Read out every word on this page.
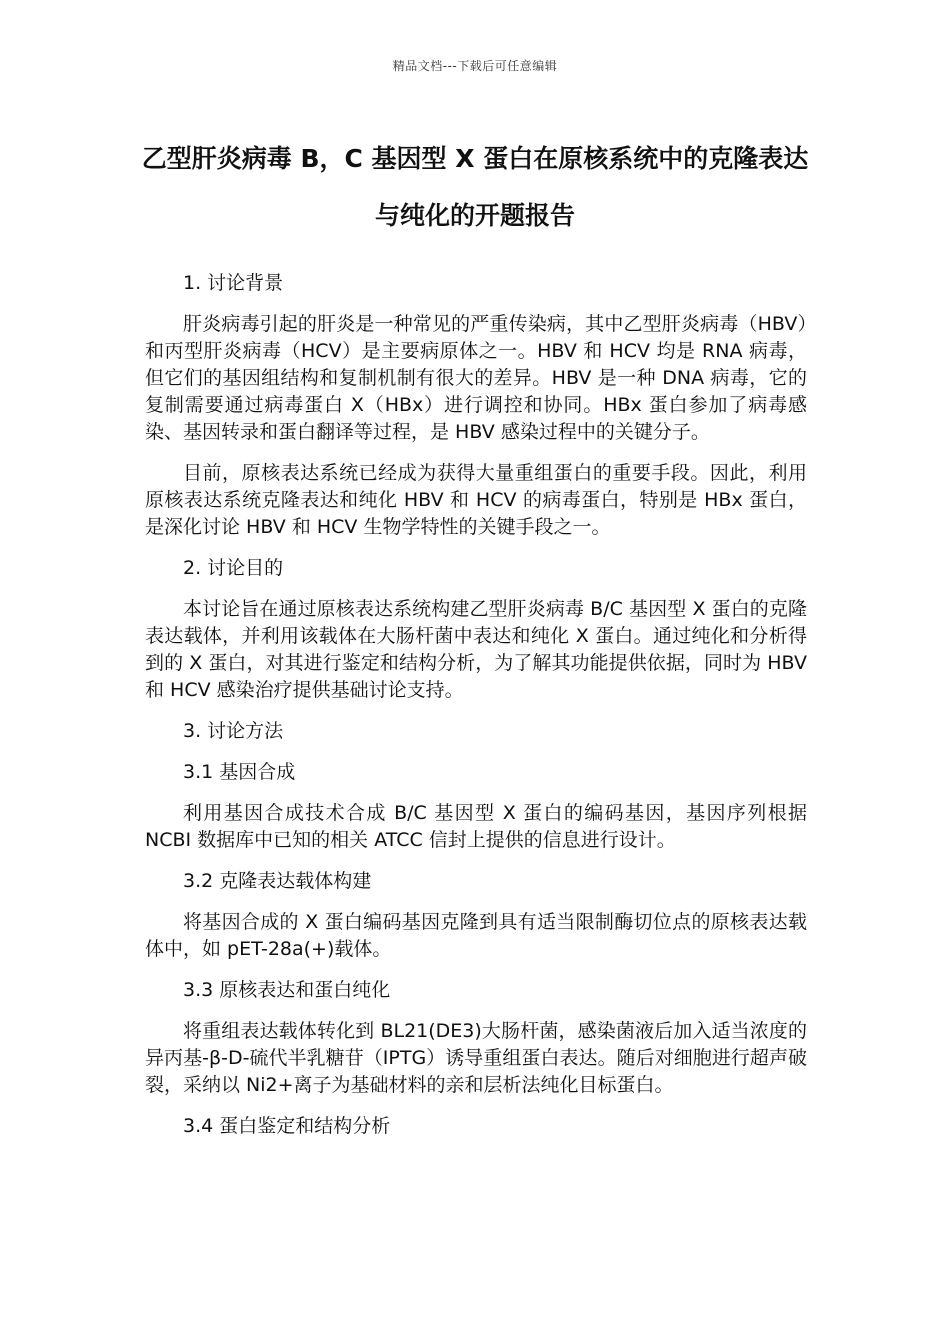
精品文档---下载后可任意编辑
乙型肝炎病毒 B，C 基因型 X 蛋白在原核系统中的克隆表达与纯化的开题报告
1. 讨论背景

肝炎病毒引起的肝炎是一种常见的严重传染病，其中乙型肝炎病毒（HBV）和丙型肝炎病毒（HCV）是主要病原体之一。HBV 和 HCV 均是 RNA 病毒，但它们的基因组结构和复制机制有很大的差异。HBV 是一种 DNA 病毒，它的复制需要通过病毒蛋白 X（HBx）进行调控和协同。HBx 蛋白参加了病毒感染、基因转录和蛋白翻译等过程，是 HBV 感染过程中的关键分子。

目前，原核表达系统已经成为获得大量重组蛋白的重要手段。因此，利用原核表达系统克隆表达和纯化 HBV 和 HCV 的病毒蛋白，特别是 HBx 蛋白，是深化讨论 HBV 和 HCV 生物学特性的关键手段之一。

2. 讨论目的

本讨论旨在通过原核表达系统构建乙型肝炎病毒 B/C 基因型 X 蛋白的克隆表达载体，并利用该载体在大肠杆菌中表达和纯化 X 蛋白。通过纯化和分析得到的 X 蛋白，对其进行鉴定和结构分析，为了解其功能提供依据，同时为 HBV 和 HCV 感染治疗提供基础讨论支持。

3. 讨论方法
3.1 基因合成

利用基因合成技术合成 B/C 基因型 X 蛋白的编码基因，基因序列根据 NCBI 数据库中已知的相关 ATCC 信封上提供的信息进行设计。

3.2 克隆表达载体构建

将基因合成的 X 蛋白编码基因克隆到具有适当限制酶切位点的原核表达载体中，如 pET-28a(+)载体。

3.3 原核表达和蛋白纯化

将重组表达载体转化到 BL21(DE3)大肠杆菌，感染菌液后加入适当浓度的异丙基-β-D-硫代半乳糖苷（IPTG）诱导重组蛋白表达。随后对细胞进行超声破裂，采纳以 Ni2+离子为基础材料的亲和层析法纯化目标蛋白。

3.4 蛋白鉴定和结构分析
